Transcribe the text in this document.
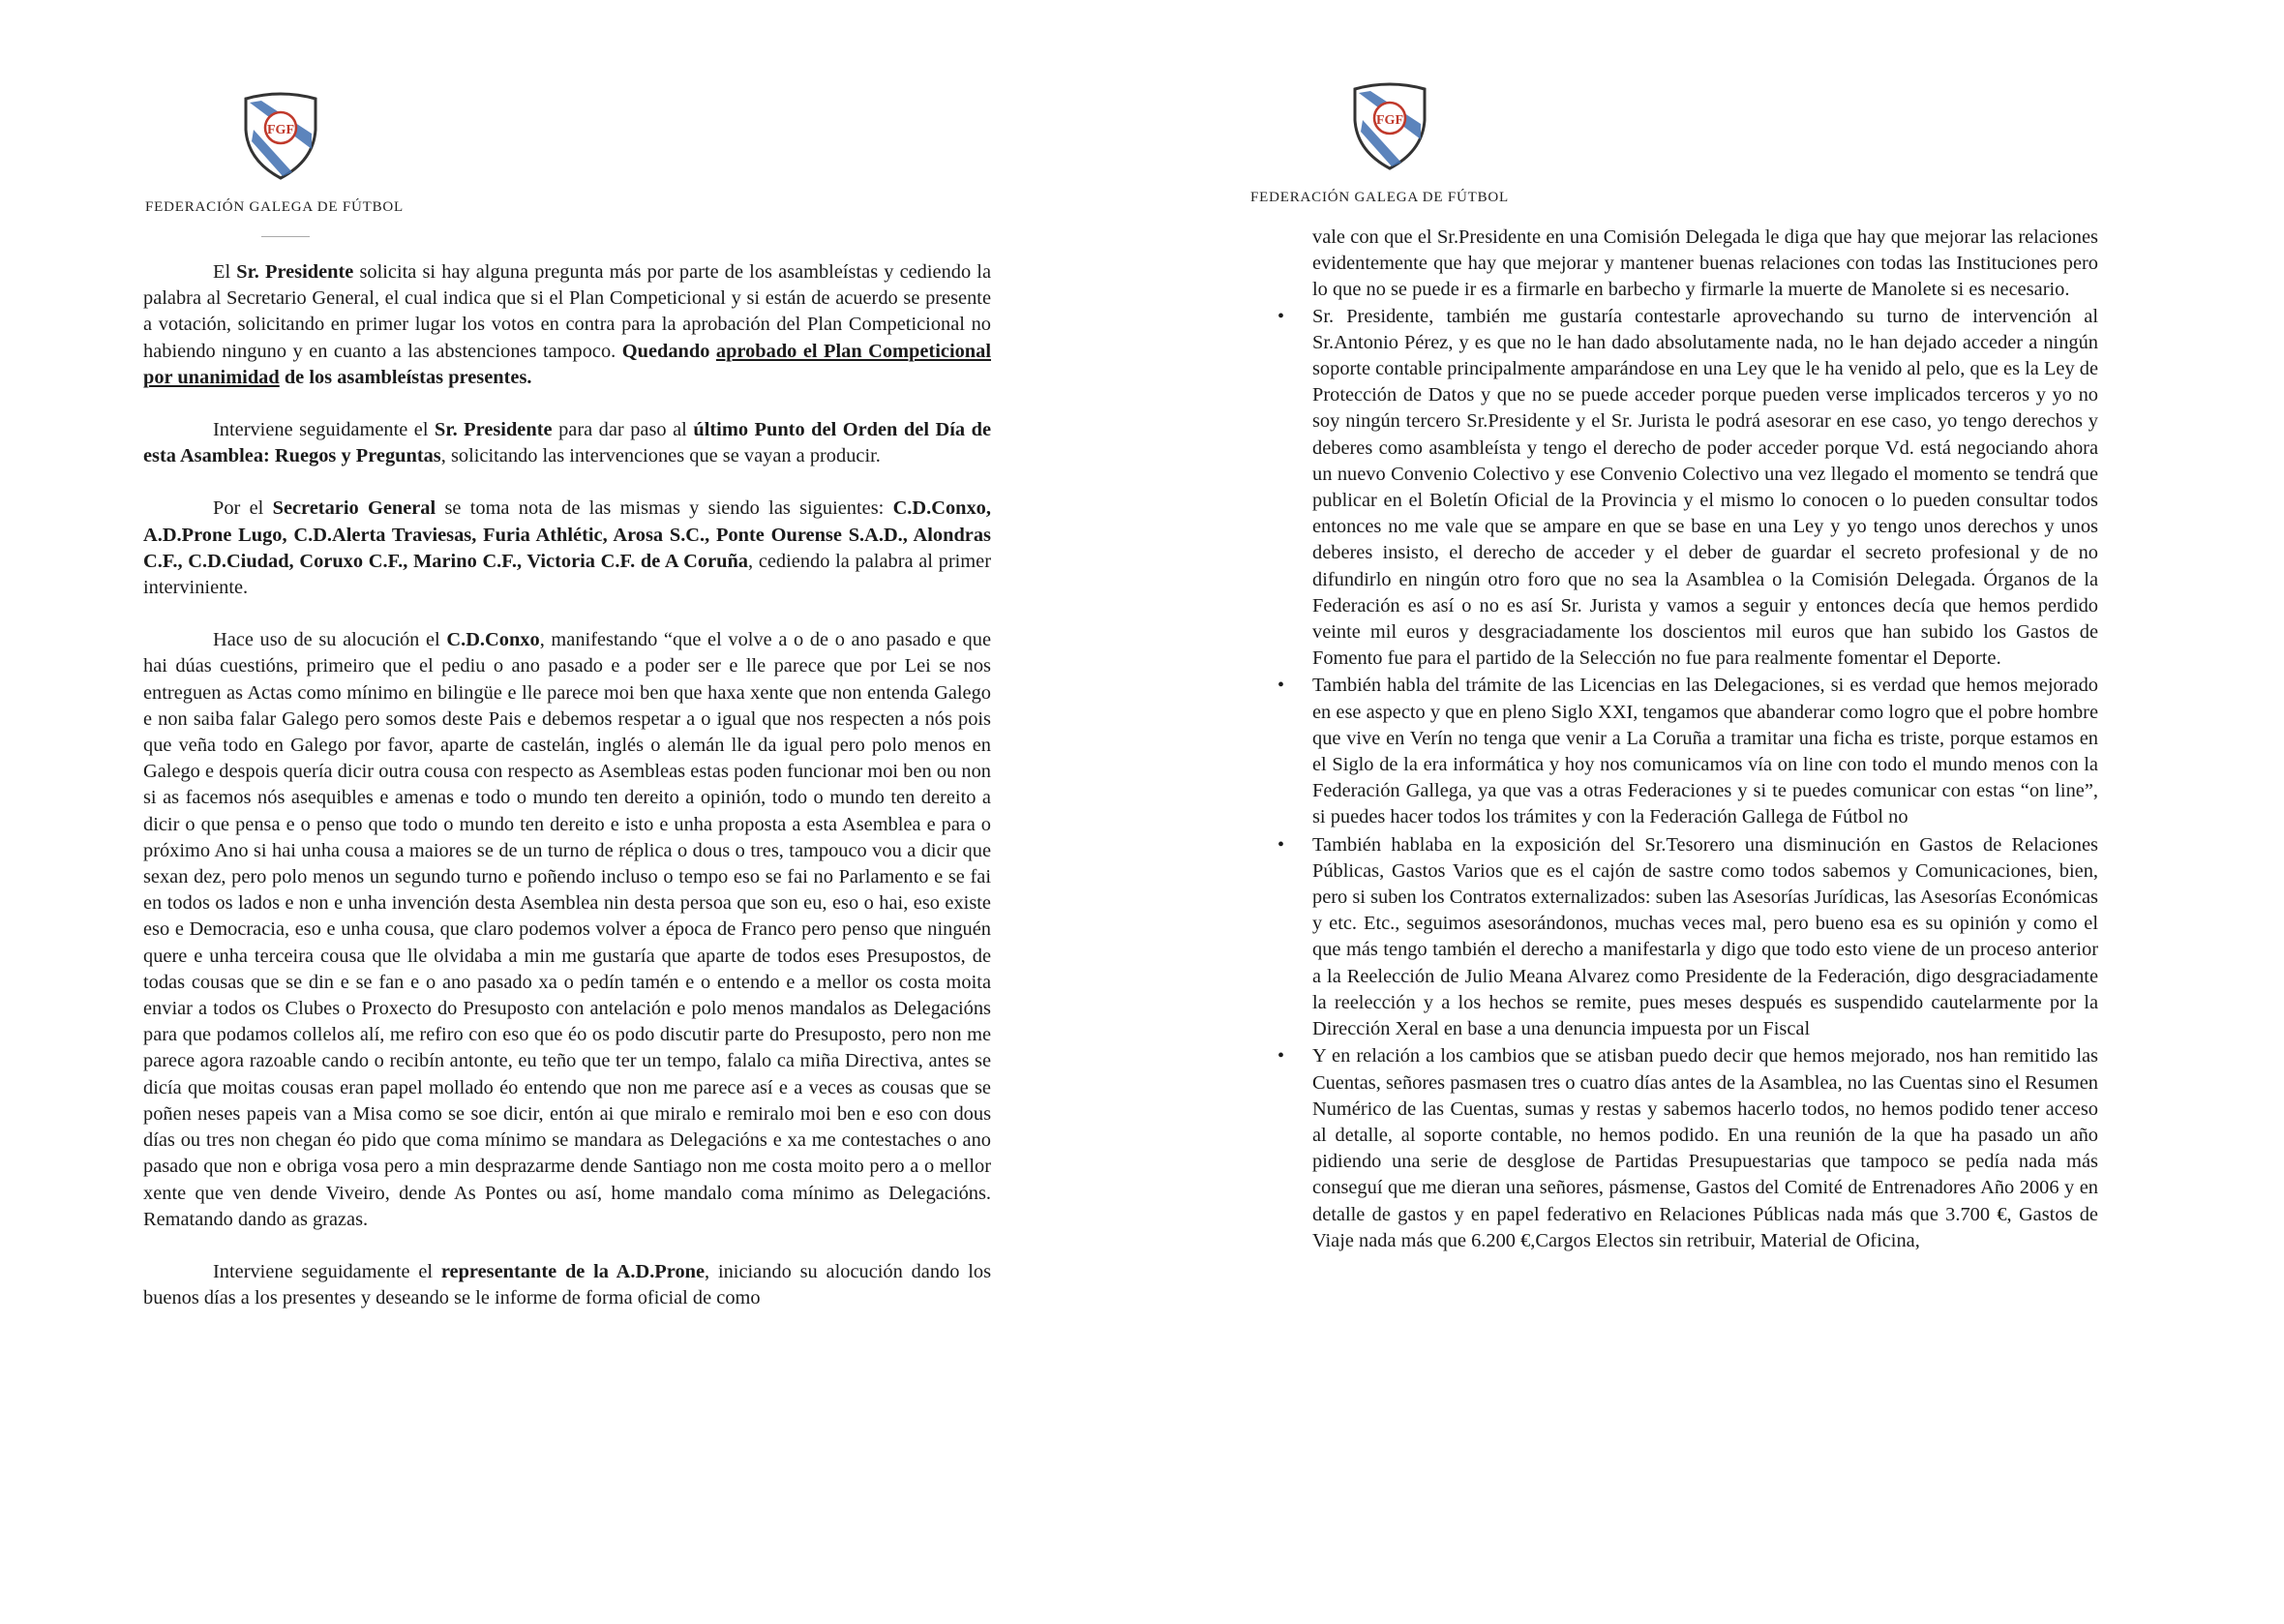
FGF
FEDERACIÓN GALEGA DE FÚTBOL

El Sr. Presidente solicita si hay alguna pregunta más por parte de los asambleístas y cediendo la palabra al Secretario General, el cual indica que si el Plan Competicional y si están de acuerdo se presente a votación, solicitando en primer lugar los votos en contra para la aprobación del Plan Competicional no habiendo ninguno y en cuanto a las abstenciones tampoco. Quedando aprobado el Plan Competicional por unanimidad de los asambleístas presentes.

Interviene seguidamente el Sr. Presidente para dar paso al último Punto del Orden del Día de esta Asamblea: Ruegos y Preguntas, solicitando las intervenciones que se vayan a producir.

Por el Secretario General se toma nota de las mismas y siendo las siguientes: C.D.Conxo, A.D.Prone Lugo, C.D.Alerta Traviesas, Furia Athlétic, Arosa S.C., Ponte Ourense S.A.D., Alondras C.F., C.D.Ciudad, Coruxo C.F., Marino C.F., Victoria C.F. de A Coruña, cediendo la palabra al primer interviniente.

Hace uso de su alocución el C.D.Conxo, manifestando “que el volve a o de o ano pasado e que hai dúas cuestións, primeiro que el pediu o ano pasado e a poder ser e lle parece que por Lei se nos entreguen as Actas como mínimo en bilingüe e lle parece moi ben que haxa xente que non entenda Galego e non saiba falar Galego pero somos deste Pais e debemos respetar a o igual que nos respecten a nós pois que veña todo en Galego por favor, aparte de castelán, inglés o alemán lle da igual pero polo menos en Galego e despois quería dicir outra cousa con respecto as Asembleas estas poden funcionar moi ben ou non si as facemos nós asequibles e amenas e todo o mundo ten dereito a opinión, todo o mundo ten dereito a dicir o que pensa e o penso que todo o mundo ten dereito e isto e unha proposta a esta Asemblea e para o próximo Ano si hai unha cousa a maiores se de un turno de réplica o dous o tres, tampouco vou a dicir que sexan dez, pero polo menos un segundo turno e poñendo incluso o tempo eso se fai no Parlamento e se fai en todos os lados e non e unha invención desta Asemblea nin desta persoa que son eu, eso o hai, eso existe eso e Democracia, eso e unha cousa, que claro podemos volver a época de Franco pero penso que ninguén quere e unha terceira cousa que lle olvidaba a min me gustaría que aparte de todos eses Presupostos, de todas cousas que se din e se fan e o ano pasado xa o pedín tamén e o entendo e a mellor os costa moita enviar a todos os Clubes o Proxecto do Presuposto con antelación e polo menos mandalos as Delegacións para que podamos collelos alí, me refiro con eso que éo os podo discutir parte do Presuposto, pero non me parece agora razoable cando o recibín antonte, eu teño que ter un tempo, falalo ca miña Directiva, antes se dicía que moitas cousas eran papel mollado éo entendo que non me parece así e a veces as cousas que se poñen neses papeis van a Misa como se soe dicir, entón ai que miralo e remiralo moi ben e eso con dous días ou tres non chegan éo pido que coma mínimo se mandara as Delegacións e xa me contestaches o ano pasado que non e obriga vosa pero a min desprazarme dende Santiago non me costa moito pero a o mellor xente que ven dende Viveiro, dende As Pontes ou así, home mandalo coma mínimo as Delegacións. Rematando dando as grazas.

Interviene seguidamente el representante de la A.D.Prone, iniciando su alocución dando los buenos días a los presentes y deseando se le informe de forma oficial de como

FGF
FEDERACIÓN GALEGA DE FÚTBOL

vale con que el Sr.Presidente en una Comisión Delegada le diga que hay que mejorar las relaciones evidentemente que hay que mejorar y mantener buenas relaciones con todas las Instituciones pero lo que no se puede ir es a firmarle en barbecho y firmarle la muerte de Manolete si es necesario.

• Sr. Presidente, también me gustaría contestarle aprovechando su turno de intervención al Sr.Antonio Pérez, y es que no le han dado absolutamente nada, no le han dejado acceder a ningún soporte contable principalmente amparándose en una Ley que le ha venido al pelo, que es la Ley de Protección de Datos y que no se puede acceder porque pueden verse implicados terceros y yo no soy ningún tercero Sr.Presidente y el Sr. Jurista le podrá asesorar en ese caso, yo tengo derechos y deberes como asambleísta y tengo el derecho de poder acceder porque Vd. está negociando ahora un nuevo Convenio Colectivo y ese Convenio Colectivo una vez llegado el momento se tendrá que publicar en el Boletín Oficial de la Provincia y el mismo lo conocen o lo pueden consultar todos entonces no me vale que se ampare en que se base en una Ley y yo tengo unos derechos y unos deberes insisto, el derecho de acceder y el deber de guardar el secreto profesional y de no difundirlo en ningún otro foro que no sea la Asamblea o la Comisión Delegada. Órganos de la Federación es así o no es así Sr. Jurista y vamos a seguir y entonces decía que hemos perdido veinte mil euros y desgraciadamente los doscientos mil euros que han subido los Gastos de Fomento fue para el partido de la Selección no fue para realmente fomentar el Deporte.
• También habla del trámite de las Licencias en las Delegaciones, si es verdad que hemos mejorado en ese aspecto y que en pleno Siglo XXI, tengamos que abanderar como logro que el pobre hombre que vive en Verín no tenga que venir a La Coruña a tramitar una ficha es triste, porque estamos en el Siglo de la era informática y hoy nos comunicamos vía on line con todo el mundo menos con la Federación Gallega, ya que vas a otras Federaciones y si te puedes comunicar con estas “on line”, si puedes hacer todos los trámites y con la Federación Gallega de Fútbol no
• También hablaba en la exposición del Sr.Tesorero una disminución en Gastos de Relaciones Públicas, Gastos Varios que es el cajón de sastre como todos sabemos y Comunicaciones, bien, pero si suben los Contratos externalizados: suben las Asesorías Jurídicas, las Asesorías Económicas y etc. Etc., seguimos asesorándonos, muchas veces mal, pero bueno esa es su opinión y como el que más tengo también el derecho a manifestarla y digo que todo esto viene de un proceso anterior a la Reelección de Julio Meana Alvarez como Presidente de la Federación, digo desgraciadamente la reelección y a los hechos se remite, pues meses después es suspendido cautelarmente por la Dirección Xeral en base a una denuncia impuesta por un Fiscal
• Y en relación a los cambios que se atisban puedo decir que hemos mejorado, nos han remitido las Cuentas, señores pasmasen tres o cuatro días antes de la Asamblea, no las Cuentas sino el Resumen Numérico de las Cuentas, sumas y restas y sabemos hacerlo todos, no hemos podido tener acceso al detalle, al soporte contable, no hemos podido. En una reunión de la que ha pasado un año pidiendo una serie de desglose de Partidas Presupuestarias que tampoco se pedía nada más conseguí que me dieran una señores, pásmense, Gastos del Comité de Entrenadores Año 2006 y en detalle de gastos y en papel federativo en Relaciones Públicas nada más que 3.700 €, Gastos de Viaje nada más que 6.200 €,Cargos Electos sin retribuir, Material de Oficina,
